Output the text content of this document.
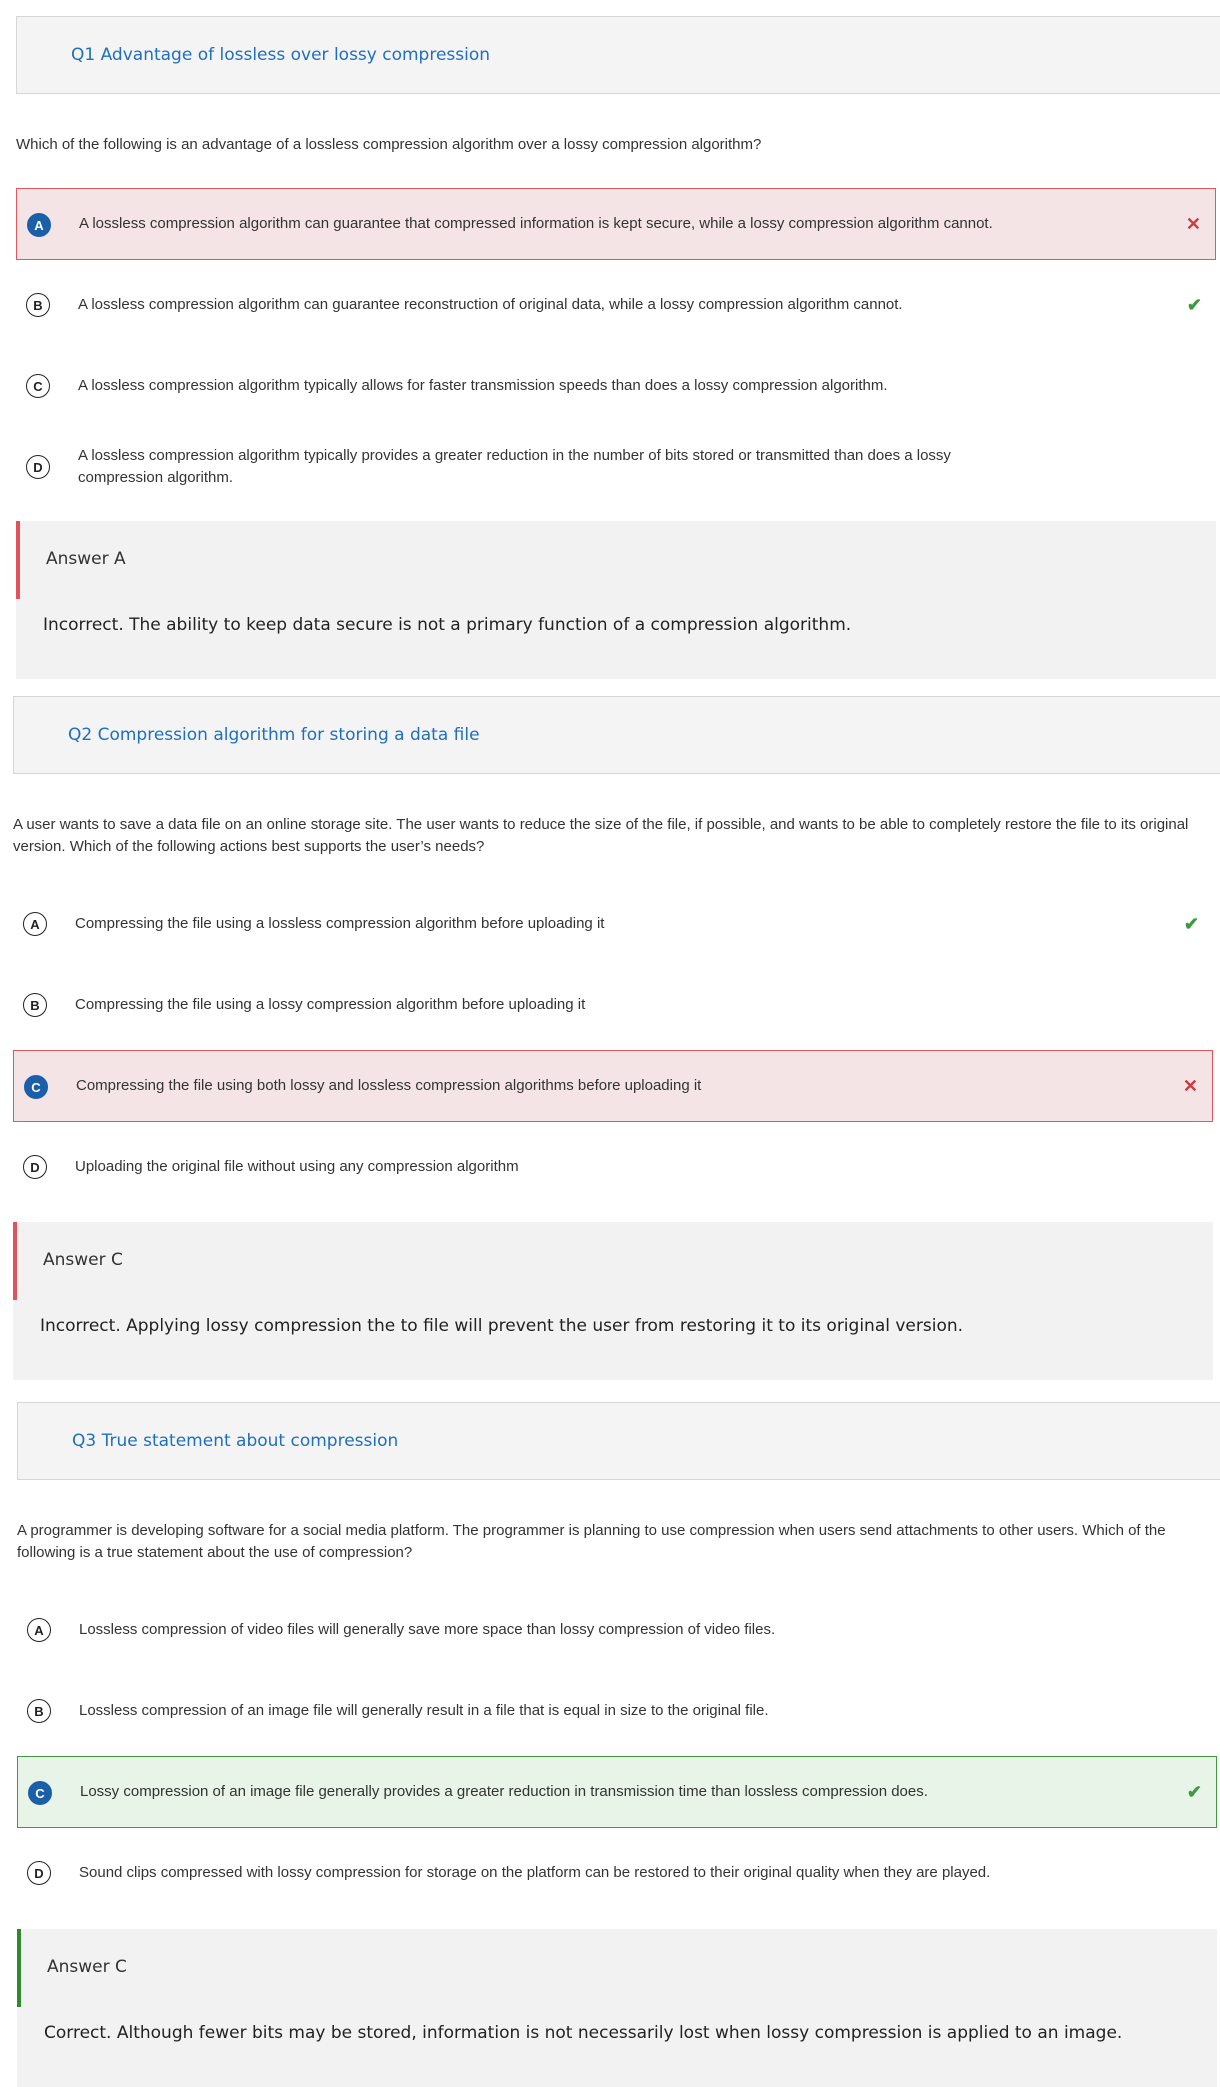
Q1 Advantage of lossless over lossy compression
Which of the following is an advantage of a lossless compression algorithm over a lossy compression algorithm?
A	A lossless compression algorithm can guarantee that compressed information is kept secure, while a lossy compression algorithm cannot.	✕
B	A lossless compression algorithm can guarantee reconstruction of original data, while a lossy compression algorithm cannot.	✔
C	A lossless compression algorithm typically allows for faster transmission speeds than does a lossy compression algorithm.
D
A lossless compression algorithm typically provides a greater reduction in the number of bits stored or transmitted than does a lossy compression algorithm.
Answer A
Incorrect. The ability to keep data secure is not a primary function of a compression algorithm.
Q2 Compression algorithm for storing a data file
A user wants to save a data file on an online storage site. The user wants to reduce the size of the file, if possible, and wants to be able to completely restore the file to its original version. Which of the following actions best supports the user’s needs?
A	Compressing the file using a lossless compression algorithm before uploading it	✔
B	Compressing the file using a lossy compression algorithm before uploading it
C	Compressing the file using both lossy and lossless compression algorithms before uploading it	✕
D	Uploading the original file without using any compression algorithm
Answer C
Incorrect. Applying lossy compression the to file will prevent the user from restoring it to its original version.
Q3 True statement about compression
A programmer is developing software for a social media platform. The programmer is planning to use compression when users send attachments to other users. Which of the following is a true statement about the use of compression?
A	Lossless compression of video files will generally save more space than lossy compression of video files.
B	Lossless compression of an image file will generally result in a file that is equal in size to the original file.
C	Lossy compression of an image file generally provides a greater reduction in transmission time than lossless compression does.	✔
D	Sound clips compressed with lossy compression for storage on the platform can be restored to their original quality when they are played.
Answer C
Correct. Although fewer bits may be stored, information is not necessarily lost when lossy compression is applied to an image.
